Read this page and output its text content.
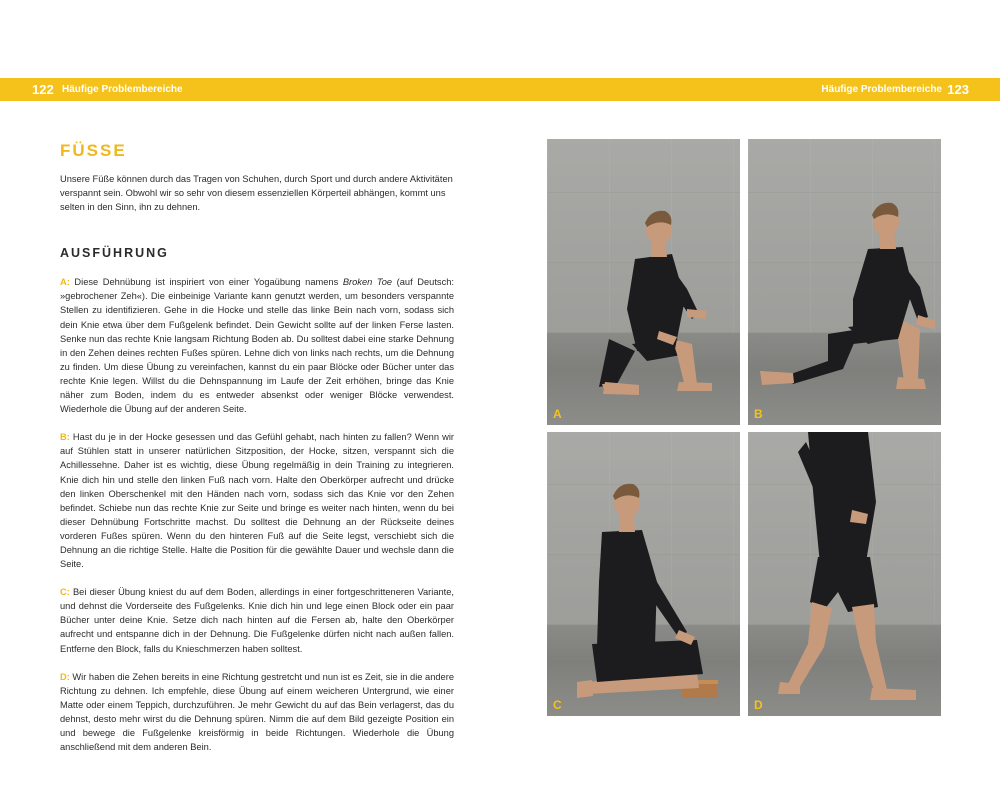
122 Häufige Problembereiche	Häufige Problembereiche 123
FÜSSE

Unsere Füße können durch das Tragen von Schuhen, durch Sport und durch andere Aktivitäten verspannt sein. Obwohl wir so sehr von diesem essenziellen Körperteil abhängen, kommt uns selten in den Sinn, ihn zu dehnen.

AUSFÜHRUNG

A: Diese Dehnübung ist inspiriert von einer Yogaübung namens Broken Toe (auf Deutsch: »gebrochener Zeh«). Die einbeinige Variante kann genutzt werden, um besonders verspannte Stellen zu identifizieren. Gehe in die Hocke und stelle das linke Bein nach vorn, sodass sich dein Knie etwa über dem Fußgelenk befindet. Dein Gewicht sollte auf der linken Ferse lasten. Senke nun das rechte Knie langsam Richtung Boden ab. Du solltest dabei eine starke Dehnung in den Zehen deines rechten Fußes spüren. Lehne dich von links nach rechts, um die Dehnung zu finden. Um diese Übung zu vereinfachen, kannst du ein paar Blöcke oder Bücher unter das rechte Knie legen. Willst du die Dehnspannung im Laufe der Zeit erhöhen, bringe das Knie näher zum Boden, indem du es entweder absenkst oder weniger Blöcke verwendest. Wiederhole die Übung auf der anderen Seite.

B: Hast du je in der Hocke gesessen und das Gefühl gehabt, nach hinten zu fallen? Wenn wir auf Stühlen statt in unserer natürlichen Sitzposition, der Hocke, sitzen, verspannt sich die Achillessehne. Daher ist es wichtig, diese Übung regelmäßig in dein Training zu integrieren. Knie dich hin und stelle den linken Fuß nach vorn. Halte den Oberkörper aufrecht und drücke den linken Oberschenkel mit den Händen nach vorn, sodass sich das Knie vor den Zehen befindet. Schiebe nun das rechte Knie zur Seite und bringe es weiter nach hinten, wenn du bei dieser Dehnübung Fortschritte machst. Du solltest die Dehnung an der Rückseite deines vorderen Fußes spüren. Wenn du den hinteren Fuß auf die Seite legst, verschiebt sich die Dehnung an die richtige Stelle. Halte die Position für die gewählte Dauer und wechsle dann die Seite.

C: Bei dieser Übung kniest du auf dem Boden, allerdings in einer fortgeschritteneren Variante, und dehnst die Vorderseite des Fußgelenks. Knie dich hin und lege einen Block oder ein paar Bücher unter deine Knie. Setze dich nach hinten auf die Fersen ab, halte den Oberkörper aufrecht und entspanne dich in der Dehnung. Die Fußgelenke dürfen nicht nach außen fallen. Entferne den Block, falls du Knieschmerzen haben solltest.

D: Wir haben die Zehen bereits in eine Richtung gestretcht und nun ist es Zeit, sie in die andere Richtung zu dehnen. Ich empfehle, diese Übung auf einem weicheren Untergrund, wie einer Matte oder einem Teppich, durchzuführen. Je mehr Gewicht du auf das Bein verlagerst, das du dehnst, desto mehr wirst du die Dehnung spüren. Nimm die auf dem Bild gezeigte Position ein und bewege die Fußgelenke kreisförmig in beide Richtungen. Wiederhole die Übung anschließend mit dem anderen Bein.

A	B
C	D
